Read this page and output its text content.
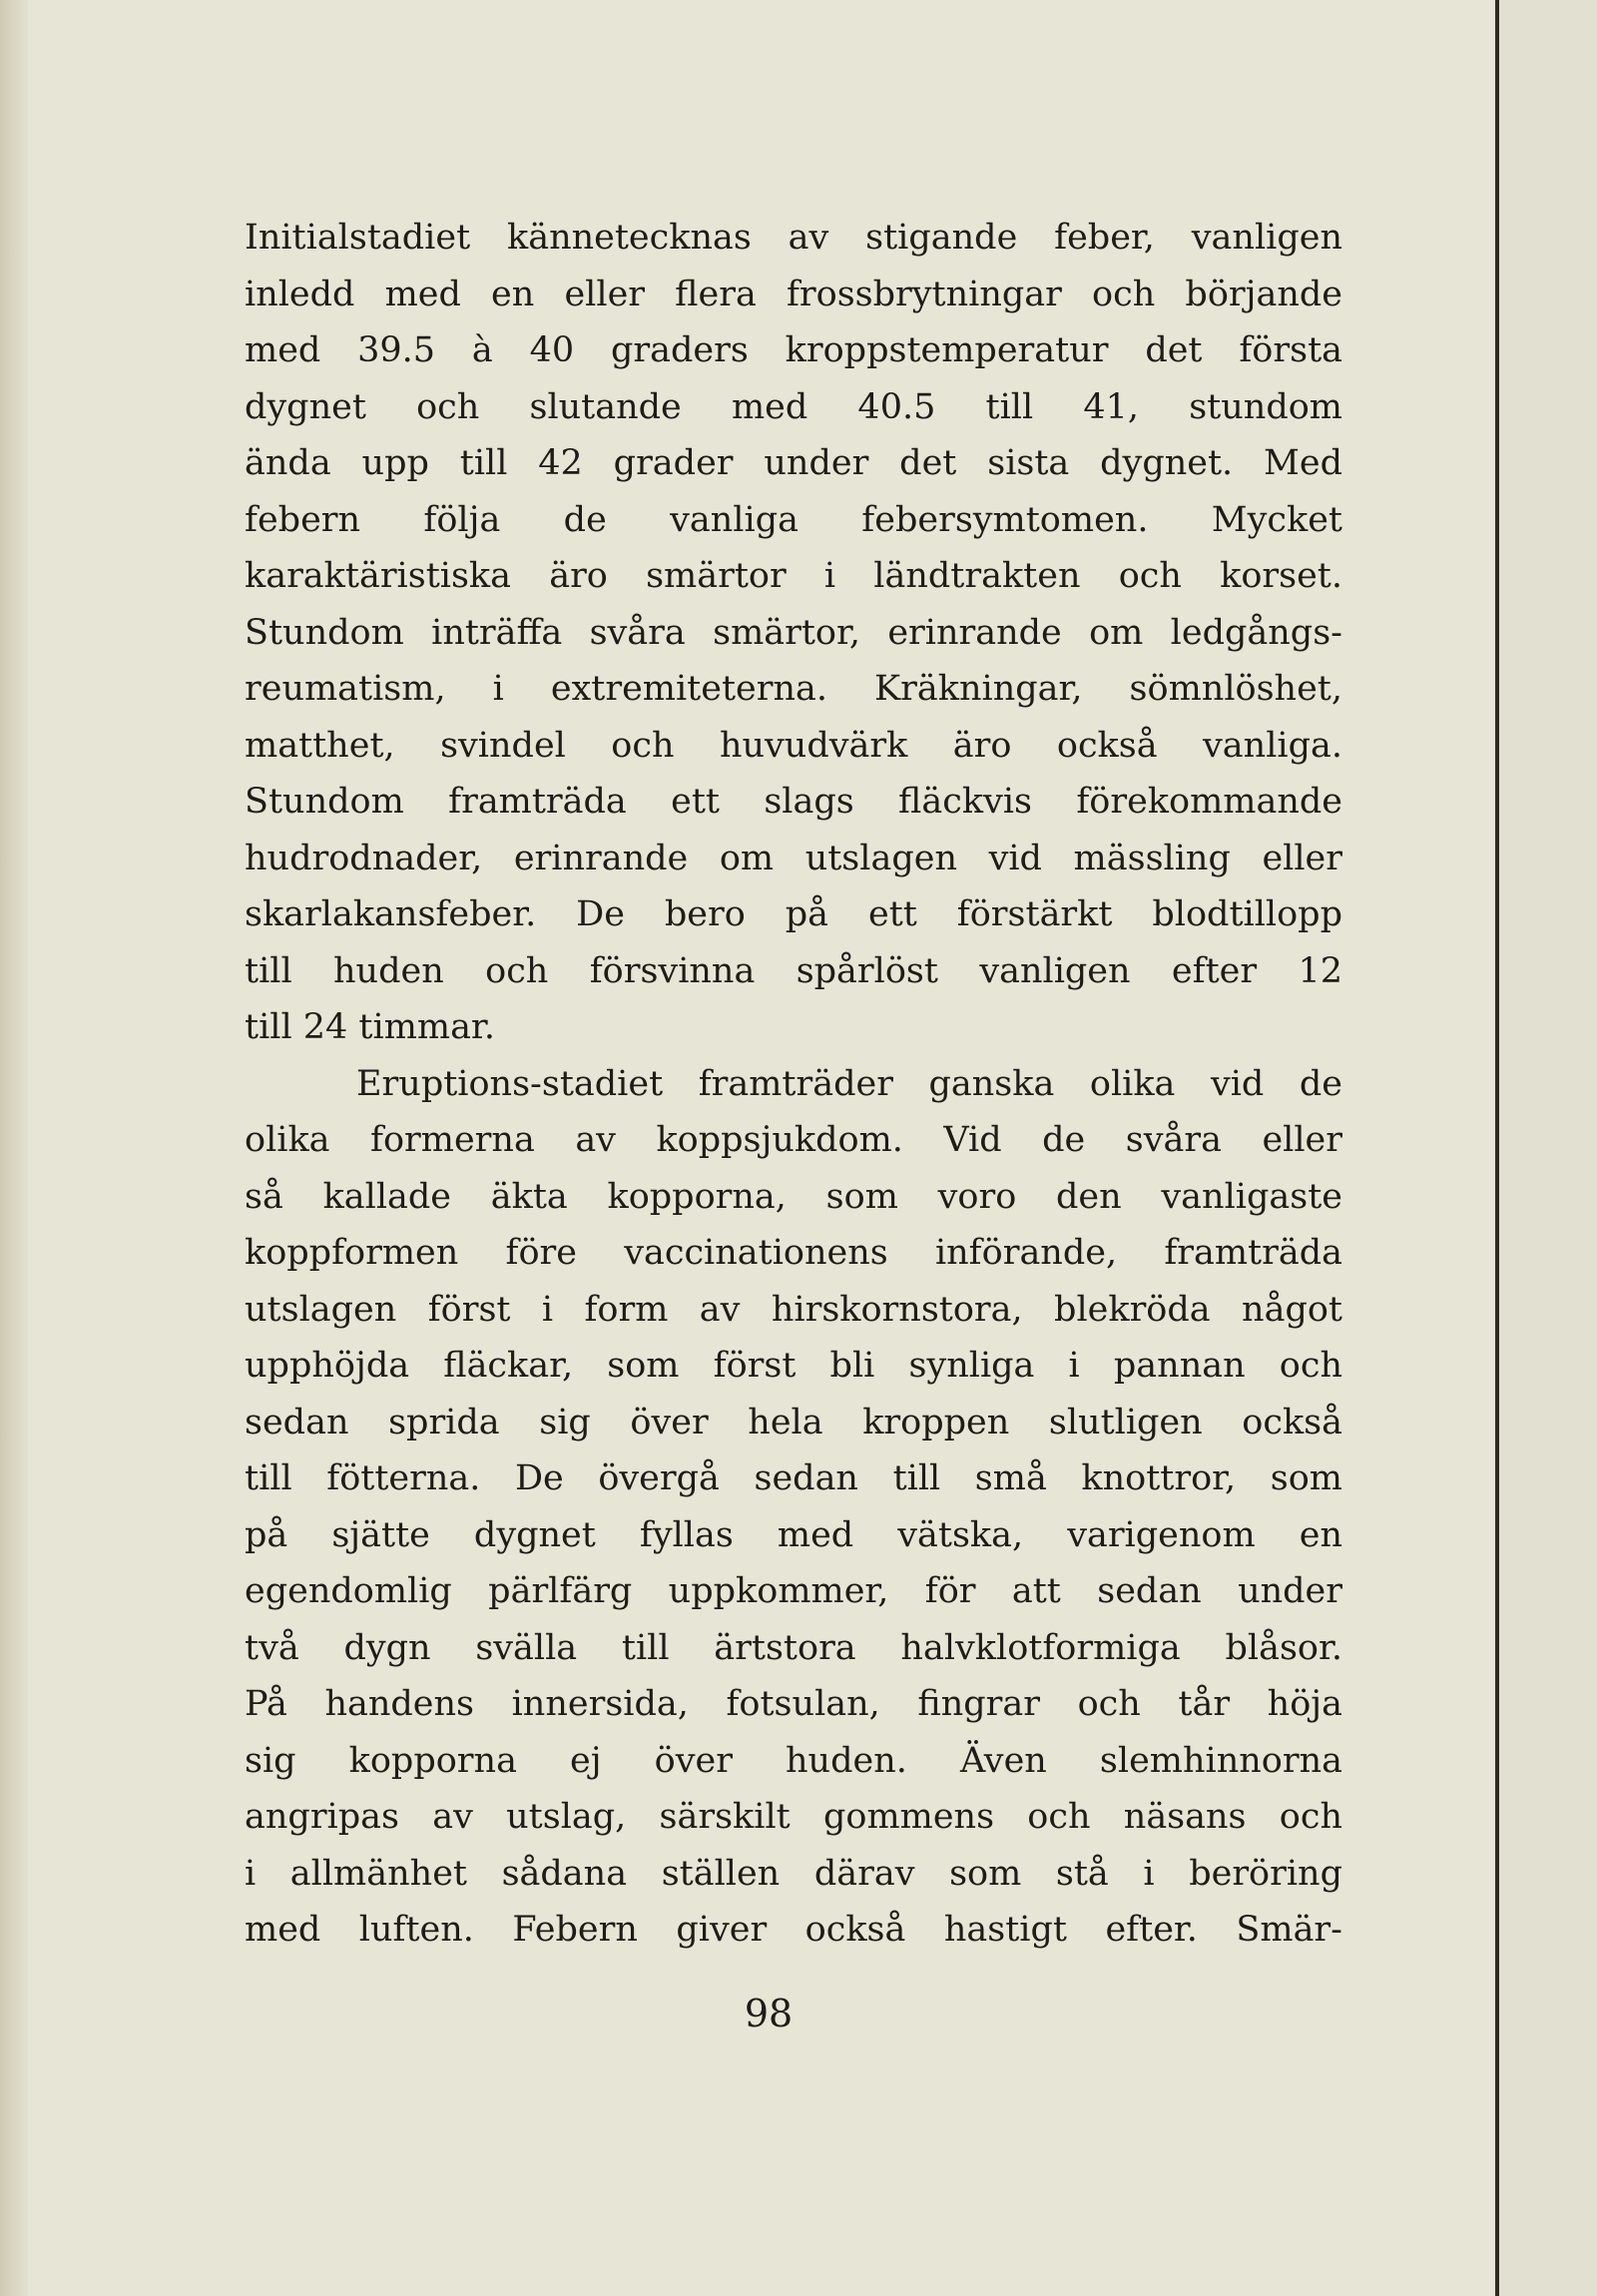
Initialstadiet kännetecknas av stigande feber, vanligen
inledd med en eller flera frossbrytningar och börjande
med 39.5 à 40 graders kroppstemperatur det första
dygnet och slutande med 40.5 till 41, stundom
ända upp till 42 grader under det sista dygnet. Med
febern följa de vanliga febersymtomen. Mycket
karaktäristiska äro smärtor i ländtrakten och korset.
Stundom inträffa svåra smärtor, erinrande om ledgångs-
reumatism, i extremiteterna. Kräkningar, sömnlöshet,
matthet, svindel och huvudvärk äro också vanliga.
Stundom framträda ett slags fläckvis förekommande
hudrodnader, erinrande om utslagen vid mässling eller
skarlakansfeber. De bero på ett förstärkt blodtillopp
till huden och försvinna spårlöst vanligen efter 12
till 24 timmar.
Eruptions-stadiet framträder ganska olika vid de
olika formerna av koppsjukdom. Vid de svåra eller
så kallade äkta kopporna, som voro den vanligaste
koppformen före vaccinationens införande, framträda
utslagen först i form av hirskornstora, blekröda något
upphöjda fläckar, som först bli synliga i pannan och
sedan sprida sig över hela kroppen slutligen också
till fötterna. De övergå sedan till små knottror, som
på sjätte dygnet fyllas med vätska, varigenom en
egendomlig pärlfärg uppkommer, för att sedan under
två dygn svälla till ärtstora halvklotformiga blåsor.
På handens innersida, fotsulan, fingrar och tår höja
sig kopporna ej över huden. Även slemhinnorna
angripas av utslag, särskilt gommens och näsans och
i allmänhet sådana ställen därav som stå i beröring
med luften. Febern giver också hastigt efter. Smär-
98
